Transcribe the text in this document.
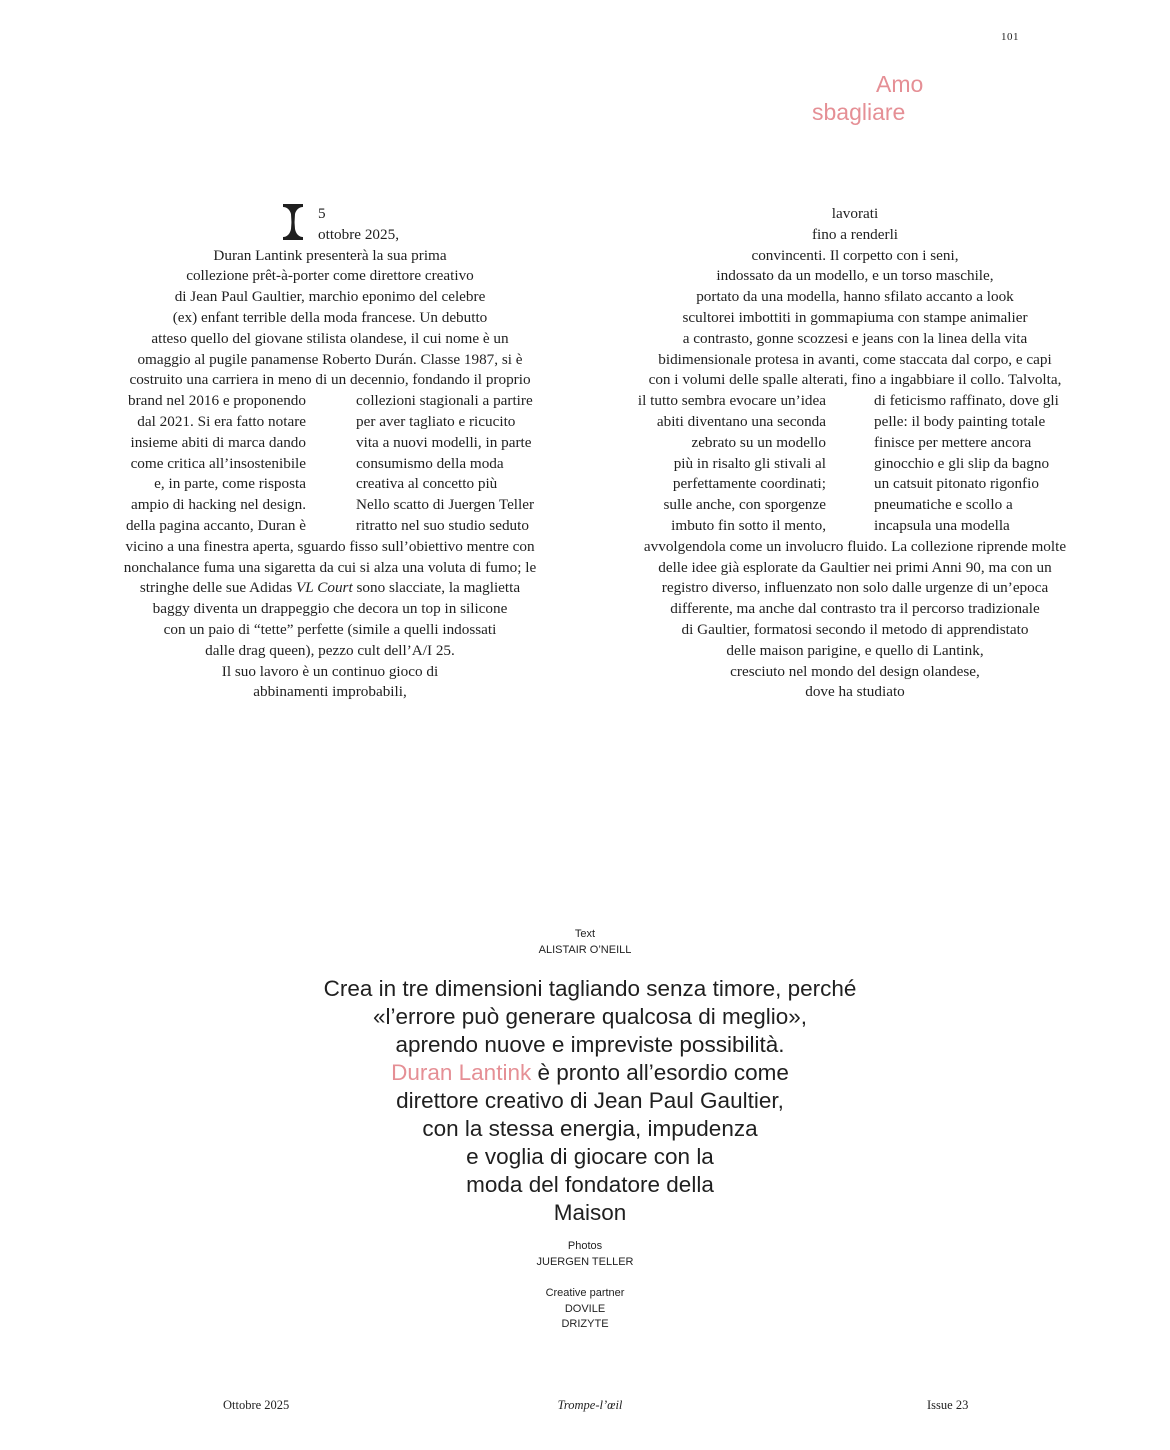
101
Amo
sbagliare
5
ottobre 2025,
Duran Lantink presenterà la sua prima
collezione prêt-à-porter come direttore creativo
di Jean Paul Gaultier, marchio eponimo del celebre
(ex) enfant terrible della moda francese. Un debutto
atteso quello del giovane stilista olandese, il cui nome è un
omaggio al pugile panamense Roberto Durán. Classe 1987, si è
costruito una carriera in meno di un decennio, fondando il proprio
brand nel 2016 e proponendo	collezioni stagionali a partire
dal 2021. Si era fatto notare	per aver tagliato e ricucito
insieme abiti di marca dando	vita a nuovi modelli, in parte
come critica all’insostenibile	consumismo della moda
e, in parte, come risposta	creativa al concetto più
ampio di hacking nel design.	Nello scatto di Juergen Teller
della pagina accanto, Duran è	ritratto nel suo studio seduto
vicino a una finestra aperta, sguardo fisso sull’obiettivo mentre con
nonchalance fuma una sigaretta da cui si alza una voluta di fumo; le
stringhe delle sue Adidas VL Court sono slacciate, la maglietta
baggy diventa un drappeggio che decora un top in silicone
con un paio di “tette” perfette (simile a quelli indossati
dalle drag queen), pezzo cult dell’A/I 25.
Il suo lavoro è un continuo gioco di
abbinamenti improbabili,
lavorati
fino a renderli
convincenti. Il corpetto con i seni,
indossato da un modello, e un torso maschile,
portato da una modella, hanno sfilato accanto a look
scultorei imbottiti in gommapiuma con stampe animalier
a contrasto, gonne scozzesi e jeans con la linea della vita
bidimensionale protesa in avanti, come staccata dal corpo, e capi
con i volumi delle spalle alterati, fino a ingabbiare il collo. Talvolta,
il tutto sembra evocare un’idea	di feticismo raffinato, dove gli
abiti diventano una seconda	pelle: il body painting totale
zebrato su un modello	finisce per mettere ancora
più in risalto gli stivali al	ginocchio e gli slip da bagno
perfettamente coordinati;	un catsuit pitonato rigonfio
sulle anche, con sporgenze	pneumatiche e scollo a
imbuto fin sotto il mento,	incapsula una modella
avvolgendola come un involucro fluido. La collezione riprende molte
delle idee già esplorate da Gaultier nei primi Anni 90, ma con un
registro diverso, influenzato non solo dalle urgenze di un’epoca
differente, ma anche dal contrasto tra il percorso tradizionale
di Gaultier, formatosi secondo il metodo di apprendistato
delle maison parigine, e quello di Lantink,
cresciuto nel mondo del design olandese,
dove ha studiato
Text
ALISTAIR O’NEILL
Crea in tre dimensioni tagliando senza timore, perché
«l’errore può generare qualcosa di meglio»,
aprendo nuove e impreviste possibilità.
Duran Lantink è pronto all’esordio come
direttore creativo di Jean Paul Gaultier,
con la stessa energia, impudenza
e voglia di giocare con la
moda del fondatore della
Maison
Photos
JUERGEN TELLER
Creative partner
DOVILE
DRIZYTE
Ottobre 2025	Trompe-l’œil	Issue 23
